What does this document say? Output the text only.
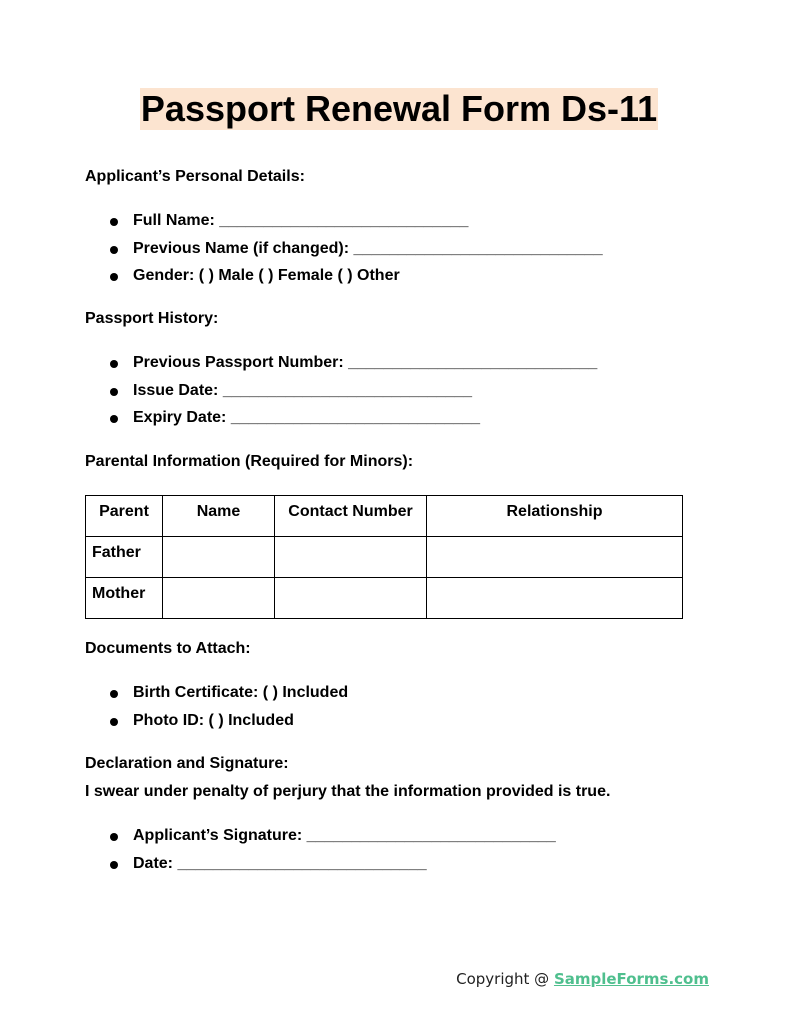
Passport Renewal Form Ds-11
Applicant’s Personal Details:
Full Name: ____________________________
Previous Name (if changed): ____________________________
Gender: ( ) Male ( ) Female ( ) Other
Passport History:
Previous Passport Number: ____________________________
Issue Date: ____________________________
Expiry Date: ____________________________
Parental Information (Required for Minors):
Parent	Name	Contact Number	Relationship
Father			
Mother			
Documents to Attach:
Birth Certificate: ( ) Included
Photo ID: ( ) Included
Declaration and Signature:
I swear under penalty of perjury that the information provided is true.
Applicant’s Signature: ____________________________
Date: ____________________________
Copyright @ SampleForms.com
